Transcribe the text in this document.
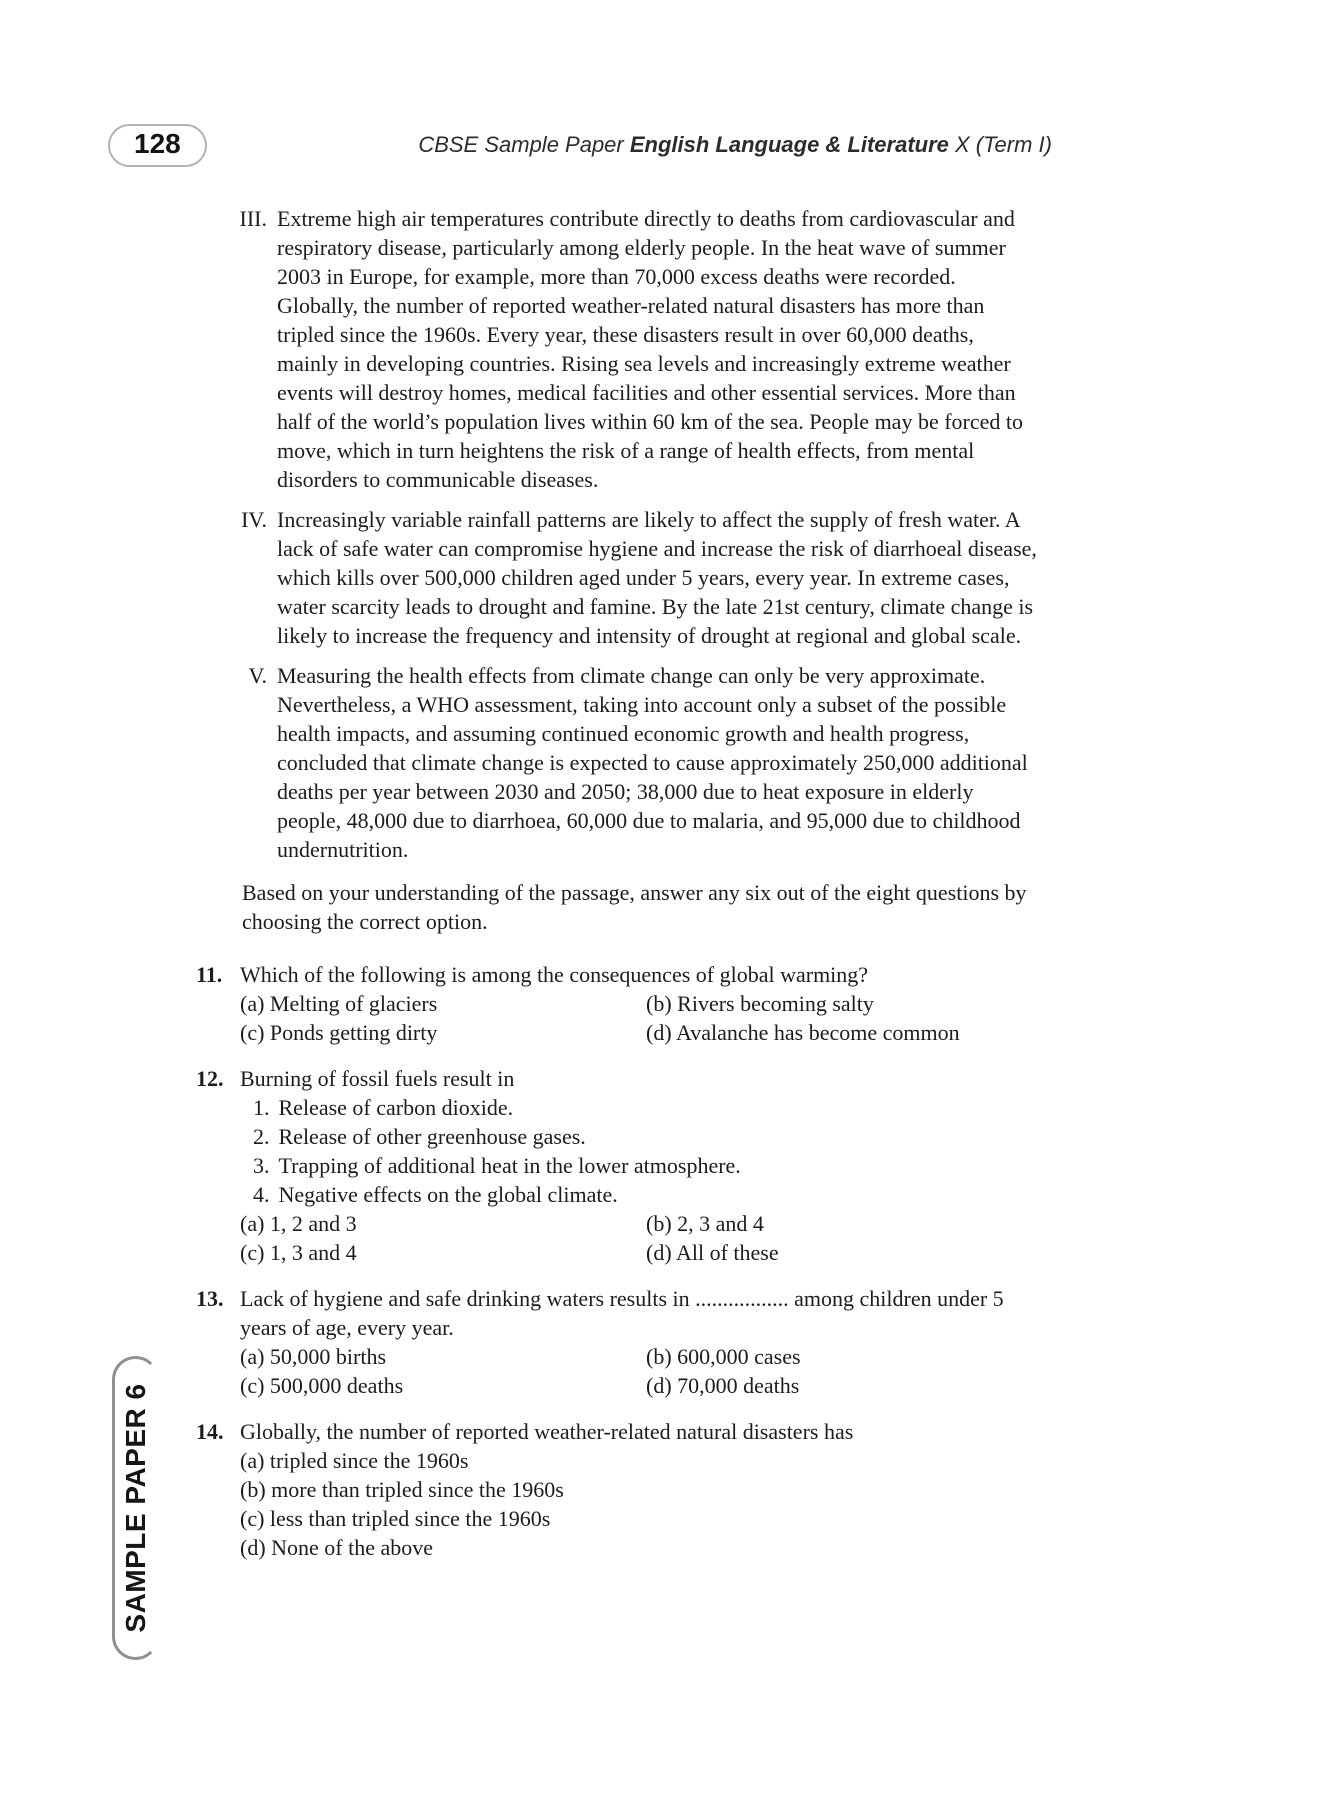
128	CBSE Sample Paper English Language & Literature X (Term I)
III. Extreme high air temperatures contribute directly to deaths from cardiovascular and respiratory disease, particularly among elderly people. In the heat wave of summer 2003 in Europe, for example, more than 70,000 excess deaths were recorded. Globally, the number of reported weather-related natural disasters has more than tripled since the 1960s. Every year, these disasters result in over 60,000 deaths, mainly in developing countries. Rising sea levels and increasingly extreme weather events will destroy homes, medical facilities and other essential services. More than half of the world’s population lives within 60 km of the sea. People may be forced to move, which in turn heightens the risk of a range of health effects, from mental disorders to communicable diseases.
IV. Increasingly variable rainfall patterns are likely to affect the supply of fresh water. A lack of safe water can compromise hygiene and increase the risk of diarrhoeal disease, which kills over 500,000 children aged under 5 years, every year. In extreme cases, water scarcity leads to drought and famine. By the late 21st century, climate change is likely to increase the frequency and intensity of drought at regional and global scale.
V. Measuring the health effects from climate change can only be very approximate. Nevertheless, a WHO assessment, taking into account only a subset of the possible health impacts, and assuming continued economic growth and health progress, concluded that climate change is expected to cause approximately 250,000 additional deaths per year between 2030 and 2050; 38,000 due to heat exposure in elderly people, 48,000 due to diarrhoea, 60,000 due to malaria, and 95,000 due to childhood undernutrition.

Based on your understanding of the passage, answer any six out of the eight questions by choosing the correct option.

11. Which of the following is among the consequences of global warming?
(a) Melting of glaciers	(b) Rivers becoming salty
(c) Ponds getting dirty	(d) Avalanche has become common
12. Burning of fossil fuels result in
1. Release of carbon dioxide.
2. Release of other greenhouse gases.
3. Trapping of additional heat in the lower atmosphere.
4. Negative effects on the global climate.
(a) 1, 2 and 3	(b) 2, 3 and 4
(c) 1, 3 and 4	(d) All of these
13. Lack of hygiene and safe drinking waters results in ................. among children under 5 years of age, every year.
(a) 50,000 births	(b) 600,000 cases
(c) 500,000 deaths	(d) 70,000 deaths
14. Globally, the number of reported weather-related natural disasters has
(a) tripled since the 1960s
(b) more than tripled since the 1960s
(c) less than tripled since the 1960s
(d) None of the above
SAMPLE PAPER 6
